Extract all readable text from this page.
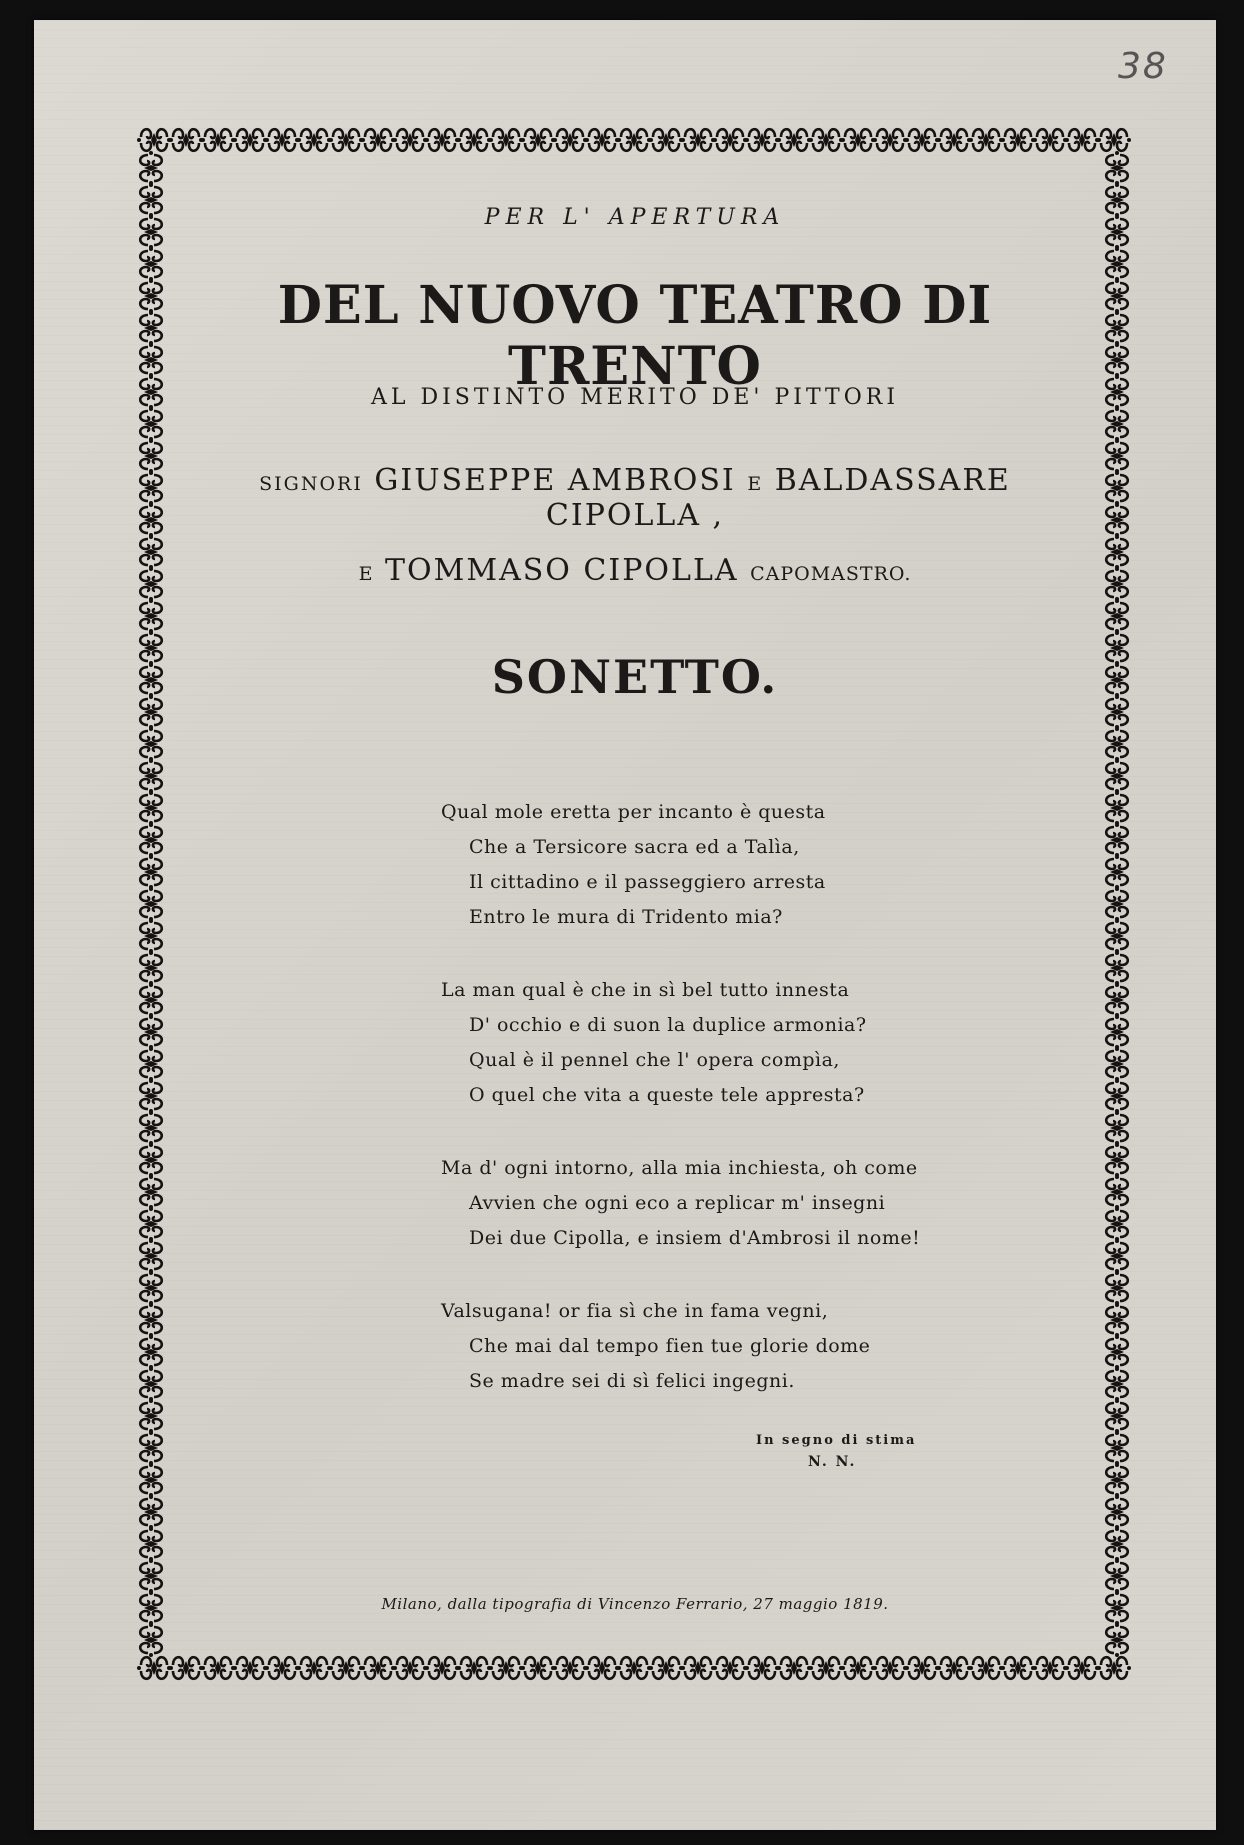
38
PER L' APERTURA
DEL NUOVO TEATRO DI TRENTO
AL DISTINTO MERITO DE' PITTORI
SIGNORI GIUSEPPE AMBROSI E BALDASSARE CIPOLLA ,
E TOMMASO CIPOLLA CAPOMASTRO.
SONETTO.
Qual mole eretta per incanto è questa
Che a Tersicore sacra ed a Talìa,
Il cittadino e il passeggiero arresta
Entro le mura di Tridento mia?
La man qual è che in sì bel tutto innesta
D' occhio e di suon la duplice armonia?
Qual è il pennel che l' opera compìa,
O quel che vita a queste tele appresta?
Ma d' ogni intorno, alla mia inchiesta, oh come
Avvien che ogni eco a replicar m' insegni
Dei due Cipolla, e insiem d'Ambrosi il nome!
Valsugana! or fia sì che in fama vegni,
Che mai dal tempo fien tue glorie dome
Se madre sei di sì felici ingegni.
In segno di stima
N. N.
Milano, dalla tipografia di Vincenzo Ferrario, 27 maggio 1819.
